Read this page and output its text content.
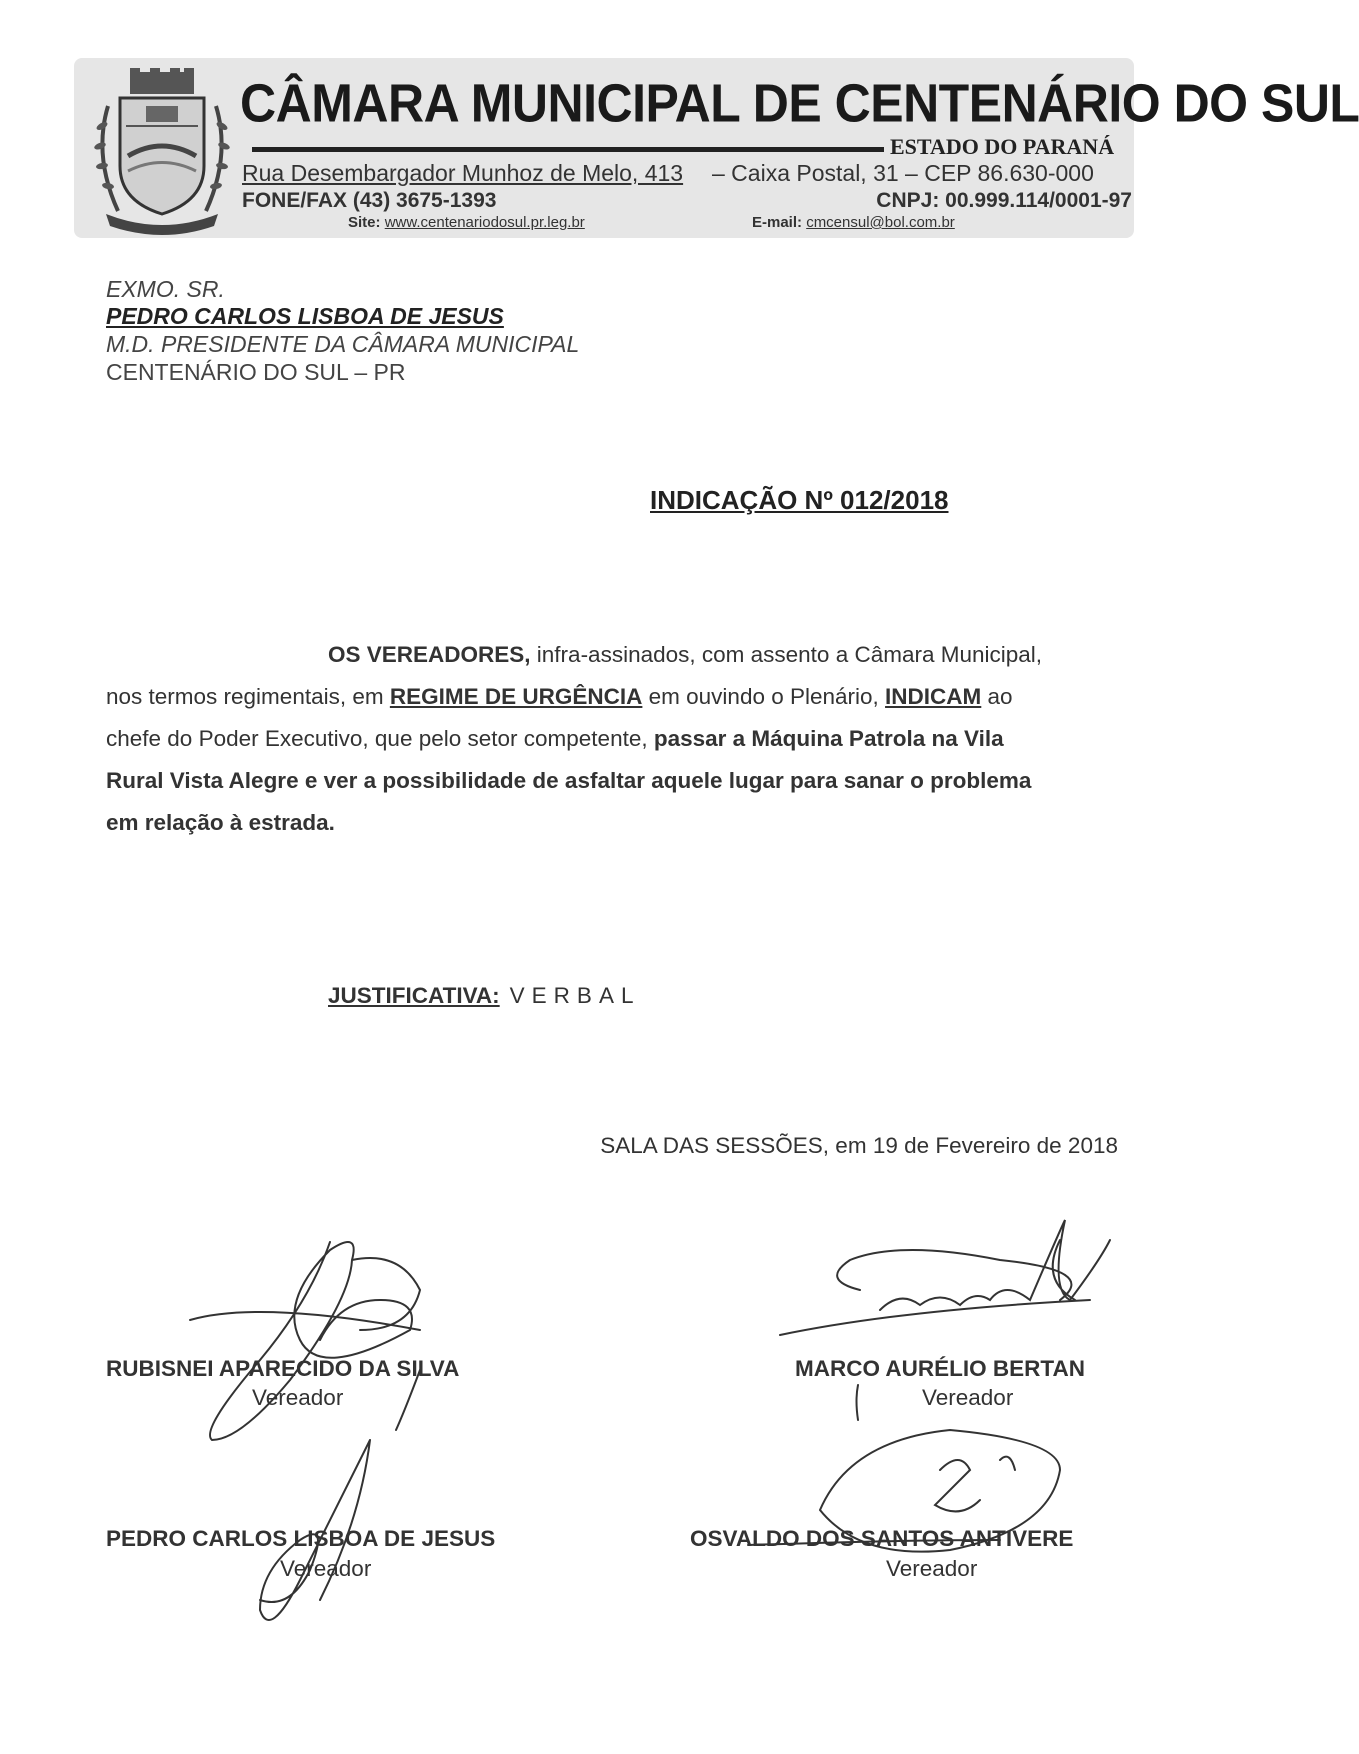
CÂMARA MUNICIPAL DE CENTENÁRIO DO SUL
ESTADO DO PARANÁ
Rua Desembargador Munhoz de Melo, 413 – Caixa Postal, 31 – CEP 86.630-000
FONE/FAX (43) 3675-1393	CNPJ: 00.999.114/0001-97
Site: www.centenariodosul.pr.leg.br	E-mail: cmcensul@bol.com.br
EXMO. SR.
PEDRO CARLOS LISBOA DE JESUS
M.D. PRESIDENTE DA CÂMARA MUNICIPAL
CENTENÁRIO DO SUL – PR
INDICAÇÃO Nº 012/2018
OS VEREADORES, infra-assinados, com assento a Câmara Municipal,
nos termos regimentais, em REGIME DE URGÊNCIA em ouvindo o Plenário, INDICAM ao
chefe do Poder Executivo, que pelo setor competente, passar a Máquina Patrola na Vila
Rural Vista Alegre e ver a possibilidade de asfaltar aquele lugar para sanar o problema
em relação à estrada.
JUSTIFICATIVA: VERBAL
SALA DAS SESSÕES, em 19 de Fevereiro de 2018
RUBISNEI APARECIDO DA SILVA
Vereador
MARCO AURÉLIO BERTAN
Vereador
PEDRO CARLOS LISBOA DE JESUS
Vereador
OSVALDO DOS SANTOS ANTIVERE
Vereador
